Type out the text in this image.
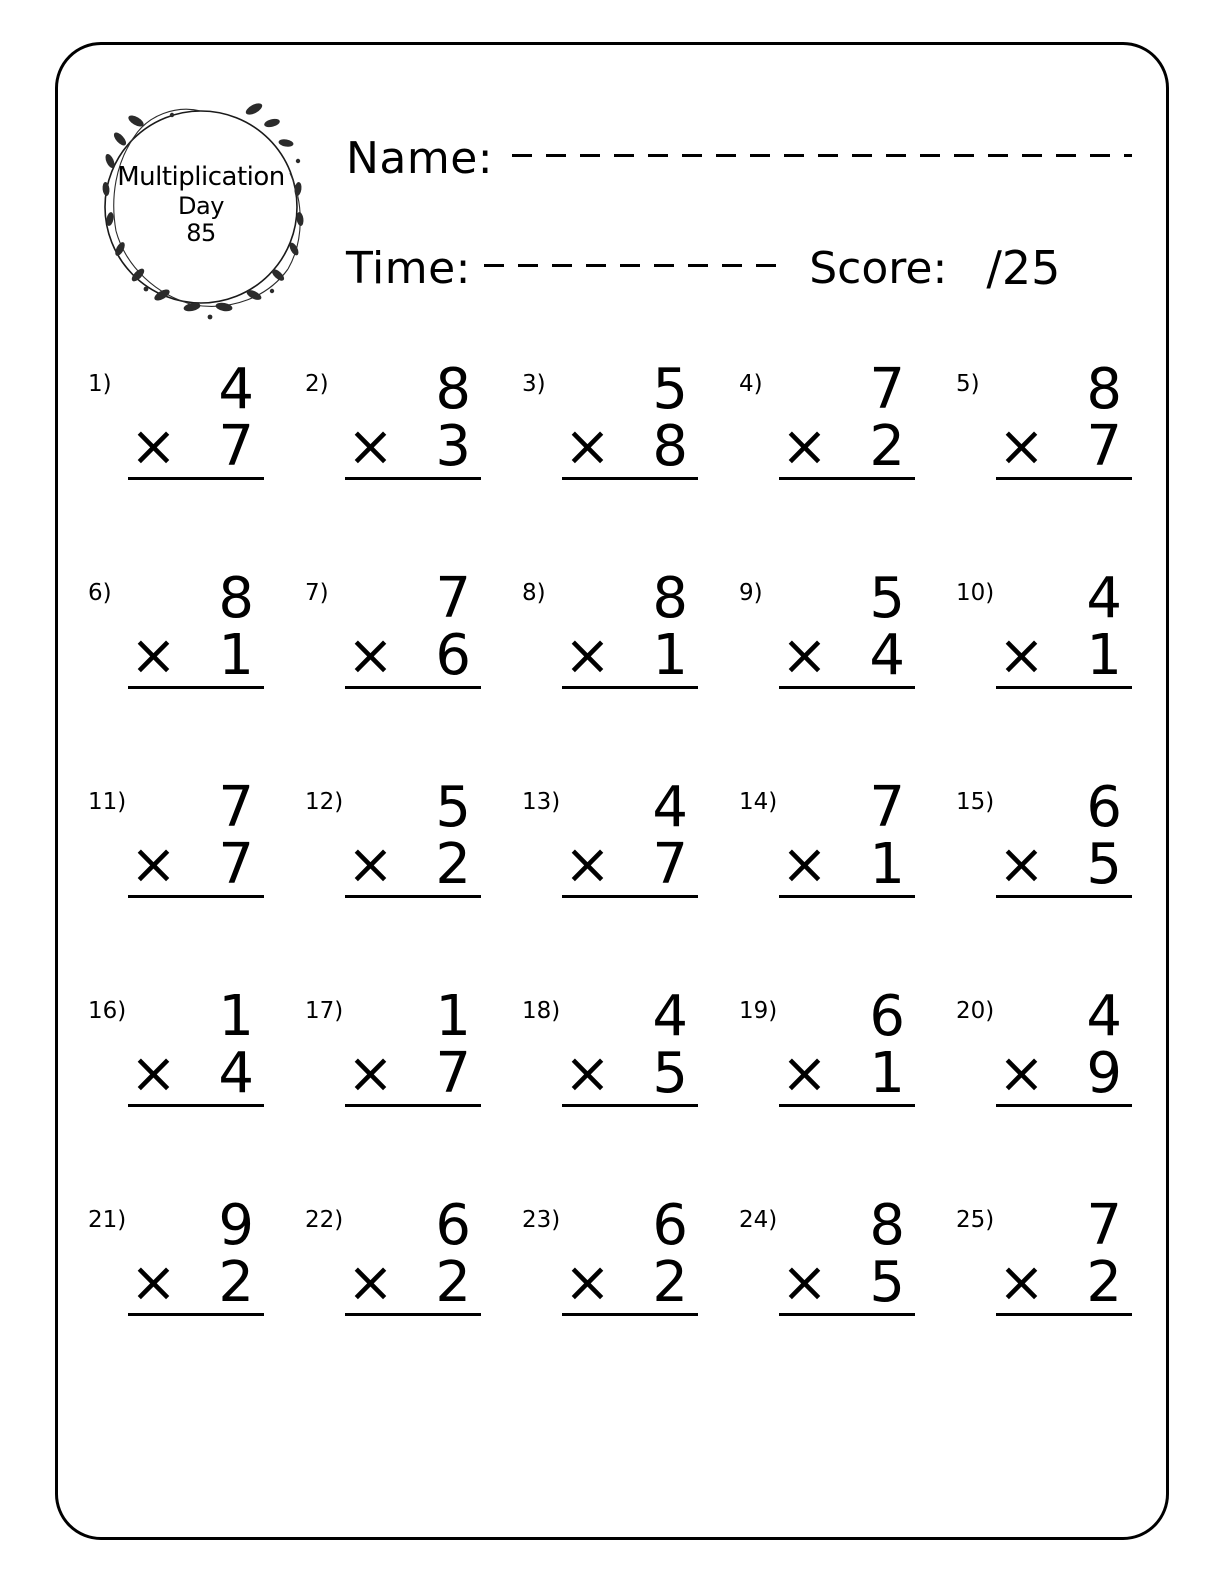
Multiplication
Day
85
Name:
Time:	Score: /25
1)	4
× 7
2)	8
× 3
3)	5
× 8
4)	7
× 2
5)	8
× 7
6)	8
× 1
7)	7
× 6
8)	8
× 1
9)	5
× 4
10)	4
× 1
11)	7
× 7
12)	5
× 2
13)	4
× 7
14)	7
× 1
15)	6
× 5
16)	1
× 4
17)	1
× 7
18)	4
× 5
19)	6
× 1
20)	4
× 9
21)	9
× 2
22)	6
× 2
23)	6
× 2
24)	8
× 5
25)	7
× 2
